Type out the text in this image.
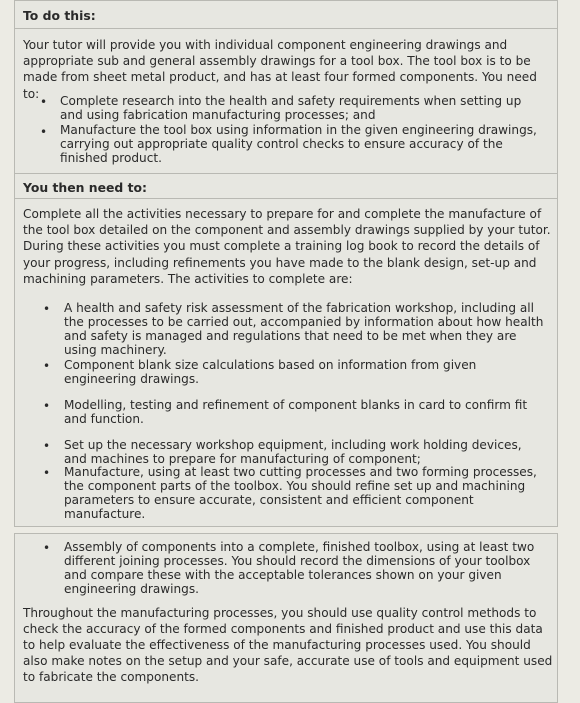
To do this:

Your tutor will provide you with individual component engineering drawings and appropriate sub and general assembly drawings for a tool box. The tool box is to be made from sheet metal product, and has at least four formed components. You need to:

• Complete research into the health and safety requirements when setting up and using fabrication manufacturing processes; and

• Manufacture the tool box using information in the given engineering drawings, carrying out appropriate quality control checks to ensure accuracy of the finished product.

You then need to:

Complete all the activities necessary to prepare for and complete the manufacture of the tool box detailed on the component and assembly drawings supplied by your tutor. During these activities you must complete a training log book to record the details of your progress, including refinements you have made to the blank design, set-up and machining parameters. The activities to complete are:

• A health and safety risk assessment of the fabrication workshop, including all the processes to be carried out, accompanied by information about how health and safety is managed and regulations that need to be met when they are using machinery.

• Component blank size calculations based on information from given engineering drawings.

• Modelling, testing and refinement of component blanks in card to confirm fit and function.

• Set up the necessary workshop equipment, including work holding devices, and machines to prepare for manufacturing of component;

• Manufacture, using at least two cutting processes and two forming processes, the component parts of the toolbox. You should refine set up and machining parameters to ensure accurate, consistent and efficient component manufacture.

• Assembly of components into a complete, finished toolbox, using at least two different joining processes. You should record the dimensions of your toolbox and compare these with the acceptable tolerances shown on your given engineering drawings.

Throughout the manufacturing processes, you should use quality control methods to check the accuracy of the formed components and finished product and use this data to help evaluate the effectiveness of the manufacturing processes used. You should also make notes on the setup and your safe, accurate use of tools and equipment used to fabricate the components.
